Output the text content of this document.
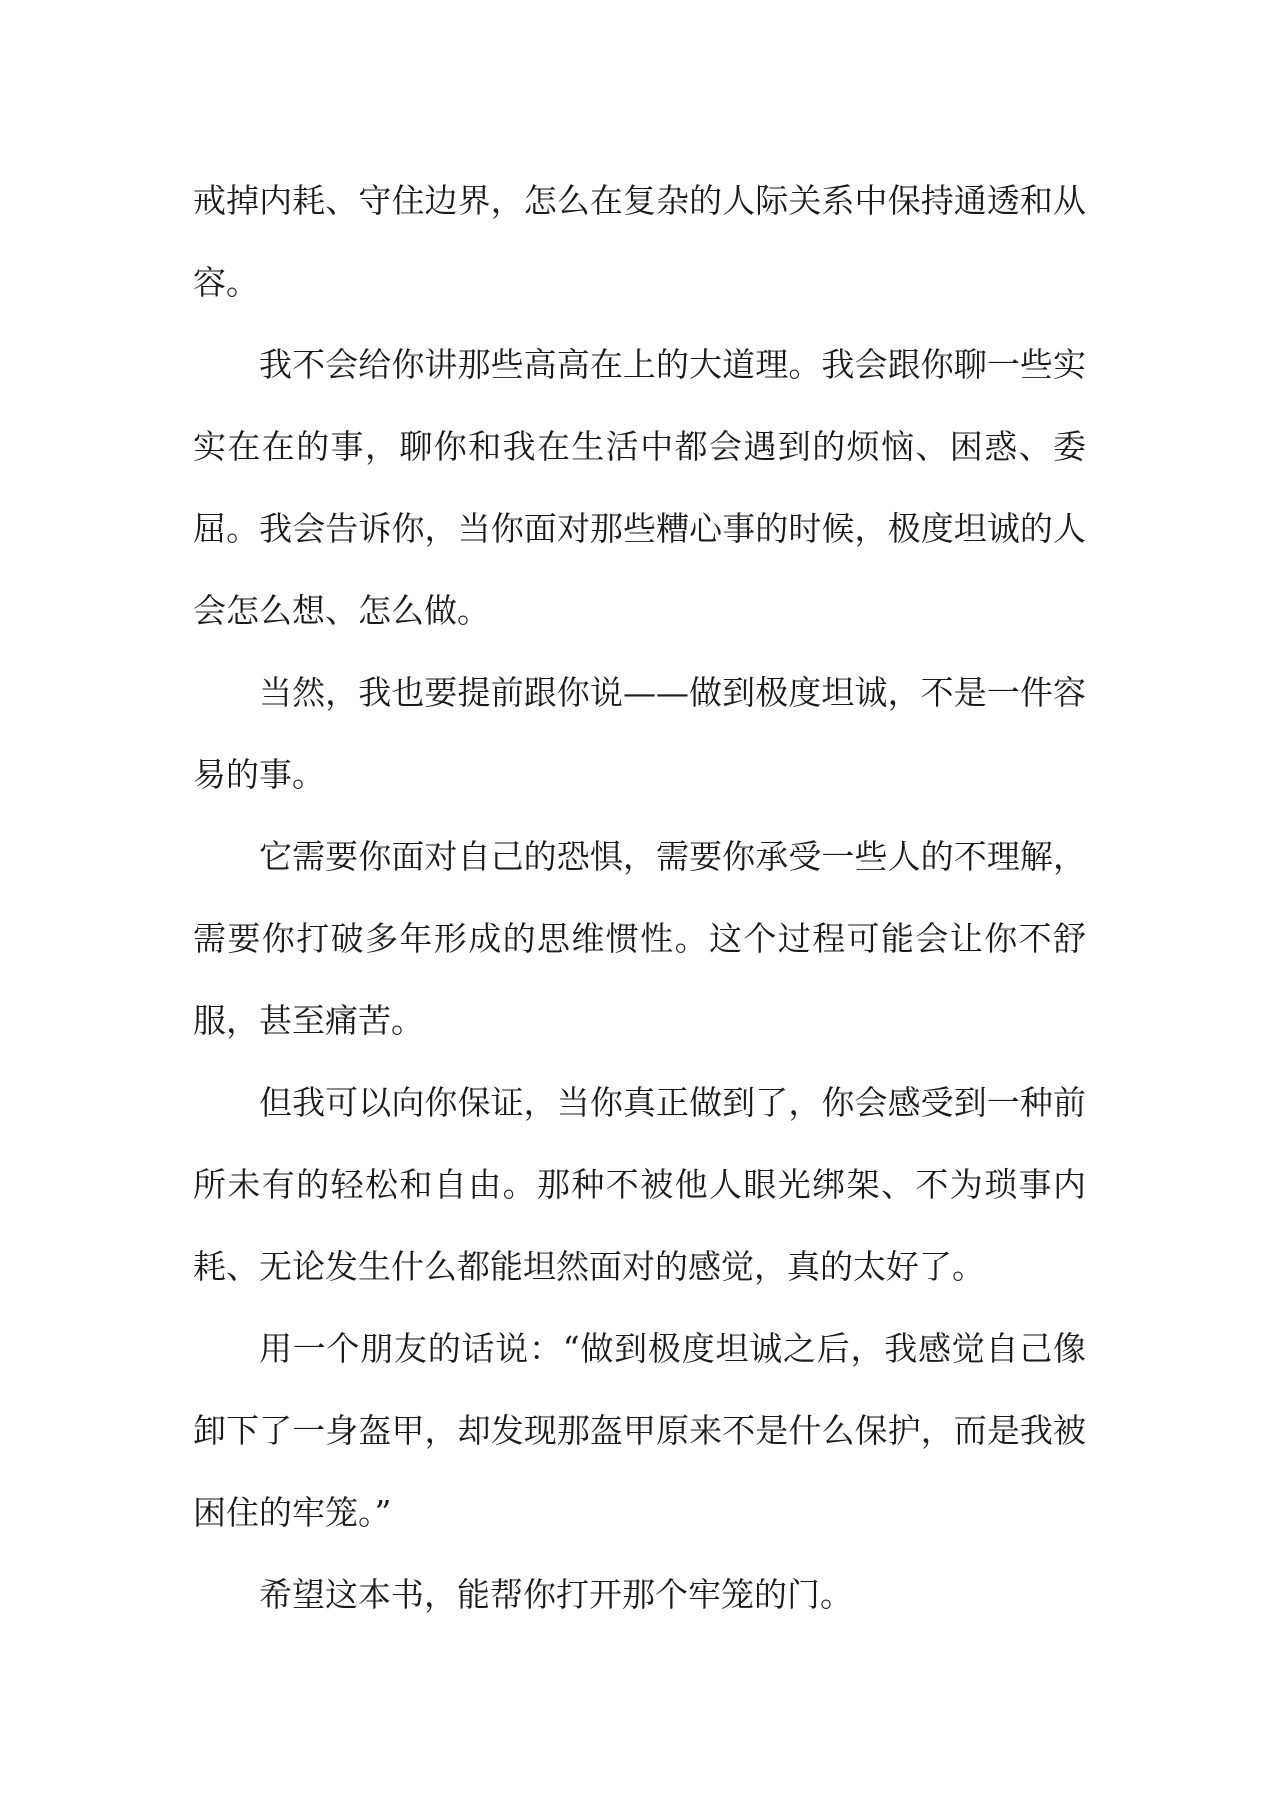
戒掉内耗、守住边界，怎么在复杂的人际关系中保持通透和从容。

我不会给你讲那些高高在上的大道理。我会跟你聊一些实实在在的事，聊你和我在生活中都会遇到的烦恼、困惑、委屈。我会告诉你，当你面对那些糟心事的时候，极度坦诚的人会怎么想、怎么做。

当然，我也要提前跟你说——做到极度坦诚，不是一件容易的事。

它需要你面对自己的恐惧，需要你承受一些人的不理解，需要你打破多年形成的思维惯性。这个过程可能会让你不舒服，甚至痛苦。

但我可以向你保证，当你真正做到了，你会感受到一种前所未有的轻松和自由。那种不被他人眼光绑架、不为琐事内耗、无论发生什么都能坦然面对的感觉，真的太好了。

用一个朋友的话说：“做到极度坦诚之后，我感觉自己像卸下了一身盔甲，却发现那盔甲原来不是什么保护，而是我被困住的牢笼。”

希望这本书，能帮你打开那个牢笼的门。
